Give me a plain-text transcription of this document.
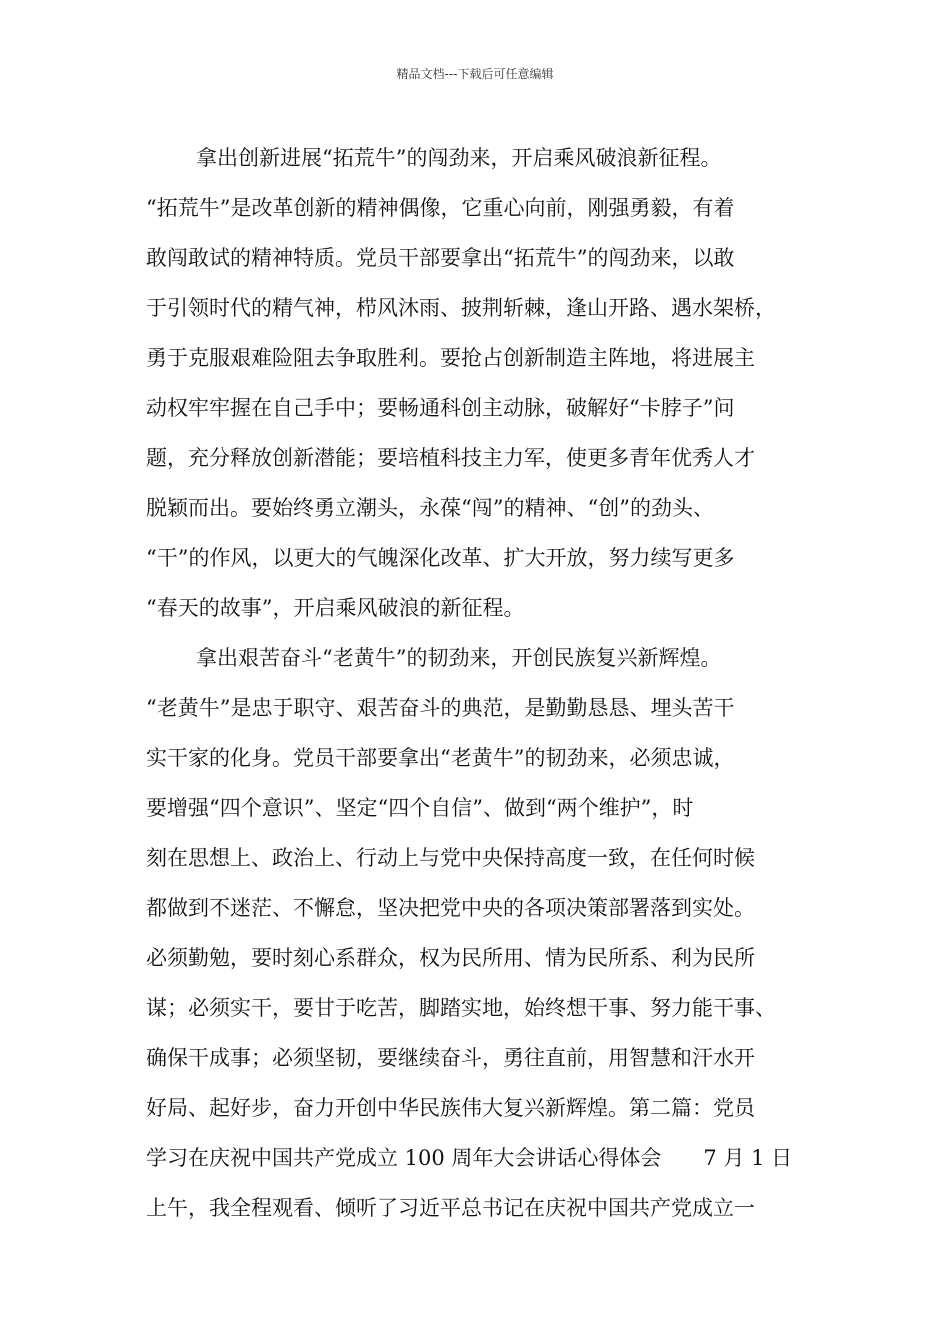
精品文档---下载后可任意编辑
拿出创新进展“拓荒牛”的闯劲来，开启乘风破浪新征程。
“拓荒牛”是改革创新的精神偶像，它重心向前，刚强勇毅，有着
敢闯敢试的精神特质。党员干部要拿出“拓荒牛”的闯劲来，以敢
于引领时代的精气神，栉风沐雨、披荆斩棘，逢山开路、遇水架桥，
勇于克服艰难险阻去争取胜利。要抢占创新制造主阵地，将进展主
动权牢牢握在自己手中；要畅通科创主动脉，破解好“卡脖子”问
题，充分释放创新潜能；要培植科技主力军，使更多青年优秀人才
脱颖而出。要始终勇立潮头，永葆“闯”的精神、“创”的劲头、
“干”的作风，以更大的气魄深化改革、扩大开放，努力续写更多
“春天的故事”，开启乘风破浪的新征程。
拿出艰苦奋斗“老黄牛”的韧劲来，开创民族复兴新辉煌。
“老黄牛”是忠于职守、艰苦奋斗的典范，是勤勤恳恳、埋头苦干
实干家的化身。党员干部要拿出“老黄牛”的韧劲来，必须忠诚，
要增强“四个意识”、坚定“四个自信”、做到“两个维护”，时
刻在思想上、政治上、行动上与党中央保持高度一致，在任何时候
都做到不迷茫、不懈怠，坚决把党中央的各项决策部署落到实处。
必须勤勉，要时刻心系群众，权为民所用、情为民所系、利为民所
谋；必须实干，要甘于吃苦，脚踏实地，始终想干事、努力能干事、
确保干成事；必须坚韧，要继续奋斗，勇往直前，用智慧和汗水开
好局、起好步，奋力开创中华民族伟大复兴新辉煌。第二篇：党员
学习在庆祝中国共产党成立 100 周年大会讲话心得体会　　7 月 1 日
上午，我全程观看、倾听了习近平总书记在庆祝中国共产党成立一
